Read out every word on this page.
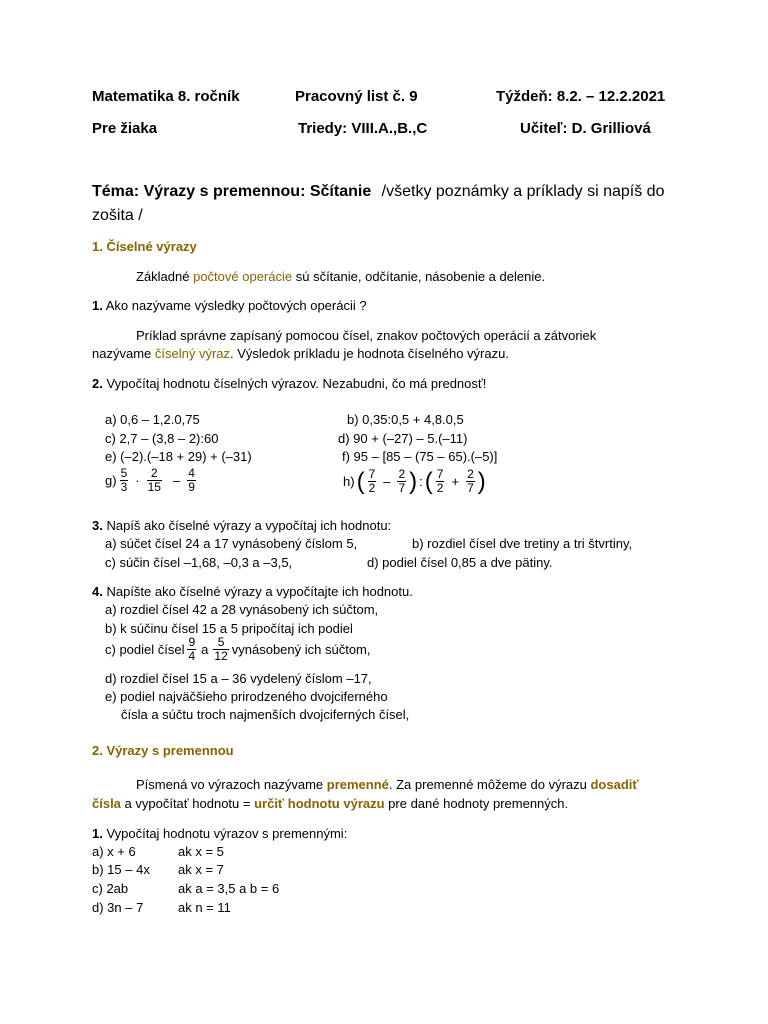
Matematika 8. ročník	Pracovný list č. 9	Týždeň: 8.2. – 12.2.2021
Pre žiaka	Triedy: VIII.A.,B.,C	Učiteľ: D. Grilliová
Téma: Výrazy s premennou: Sčítanie /všetky poznámky a príklady si napíš do
zošita /
1. Číselné výrazy
Základné počtové operácie sú sčítanie, odčítanie, násobenie a delenie.
1. Ako nazývame výsledky počtových operácii ?
Príklad správne zapísaný pomocou čísel, znakov počtových operácií a zátvoriek
nazývame číselný výraz. Výsledok príkladu je hodnota číselného výrazu.
2. Vypočítaj hodnotu číselných výrazov. Nezabudni, čo má prednosť!
a) 0,6 – 1,2.0,75	b) 0,35:0,5 + 4,8.0,5
c) 2,7 – (3,8 – 2):60	d) 90 + (–27) – 5.(–11)
e) (–2).(–18 + 29) + (–31)	f) 95 – [85 – (75 – 65).(–5)]
$g) \frac{5}{3} \cdot \frac{2}{15} - \frac{4}{9}$	h) ( $\frac{7}{2} - \frac{2}{7}$ ) : ( $\frac{7}{2} + \frac{2}{7}$ )
3. Napíš ako číselné výrazy a vypočítaj ich hodnotu:
a) súčet čísel 24 a 17 vynásobený číslom 5,	b) rozdiel čísel dve tretiny a tri štvrtiny,
c) súčin čísel –1,68, –0,3 a –3,5,	d) podiel čísel 0,85 a dve pätiny.
4. Napíšte ako číselné výrazy a vypočítajte ich hodnotu.
a) rozdiel čísel 42 a 28 vynásobený ich súčtom,
b) k súčinu čísel 15 a 5 pripočítaj ich podiel
c) podiel čísel $\frac{9}{4}$ a $\frac{5}{12}$ vynásobený ich súčtom,
d) rozdiel čísel 15 a – 36 vydelený číslom –17,
e) podiel najväčšieho prirodzeného dvojciferného
čísla a súčtu troch najmenších dvojciferných čísel,
2. Výrazy s premennou
Písmená vo výrazoch nazývame premenné. Za premenné môžeme do výrazu dosadiť
čísla a vypočítať hodnotu = určiť hodnotu výrazu pre dané hodnoty premenných.
1. Vypočítaj hodnotu výrazov s premennými:
a) x + 6	ak x = 5
b) 15 – 4x ak x = 7
c) 2ab	ak a = 3,5 a b = 6
d) 3n – 7	ak n = 11
